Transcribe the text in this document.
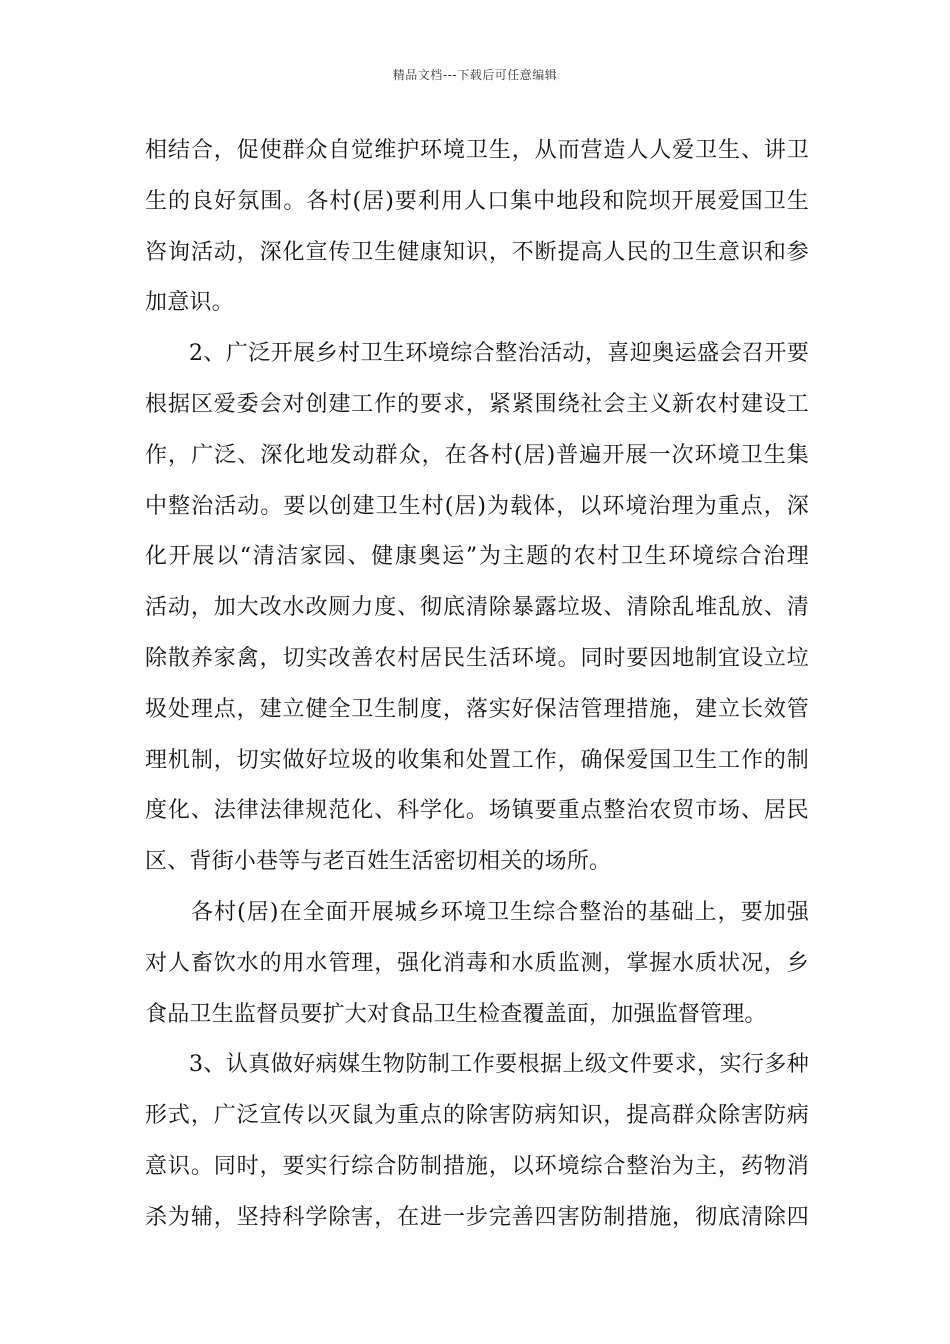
精品文档---下载后可任意编辑
相结合，促使群众自觉维护环境卫生，从而营造人人爱卫生、讲卫
生的良好氛围。各村(居)要利用人口集中地段和院坝开展爱国卫生
咨询活动，深化宣传卫生健康知识，不断提高人民的卫生意识和参
加意识。
2、广泛开展乡村卫生环境综合整治活动，喜迎奥运盛会召开要
根据区爱委会对创建工作的要求，紧紧围绕社会主义新农村建设工
作，广泛、深化地发动群众，在各村(居)普遍开展一次环境卫生集
中整治活动。要以创建卫生村(居)为载体，以环境治理为重点，深
化开展以“清洁家园、健康奥运”为主题的农村卫生环境综合治理
活动，加大改水改厕力度、彻底清除暴露垃圾、清除乱堆乱放、清
除散养家禽，切实改善农村居民生活环境。同时要因地制宜设立垃
圾处理点，建立健全卫生制度，落实好保洁管理措施，建立长效管
理机制，切实做好垃圾的收集和处置工作，确保爱国卫生工作的制
度化、法律法律规范化、科学化。场镇要重点整治农贸市场、居民
区、背街小巷等与老百姓生活密切相关的场所。
各村(居)在全面开展城乡环境卫生综合整治的基础上，要加强
对人畜饮水的用水管理，强化消毒和水质监测，掌握水质状况，乡
食品卫生监督员要扩大对食品卫生检查覆盖面，加强监督管理。
3、认真做好病媒生物防制工作要根据上级文件要求，实行多种
形式，广泛宣传以灭鼠为重点的除害防病知识，提高群众除害防病
意识。同时，要实行综合防制措施，以环境综合整治为主，药物消
杀为辅，坚持科学除害，在进一步完善四害防制措施，彻底清除四
